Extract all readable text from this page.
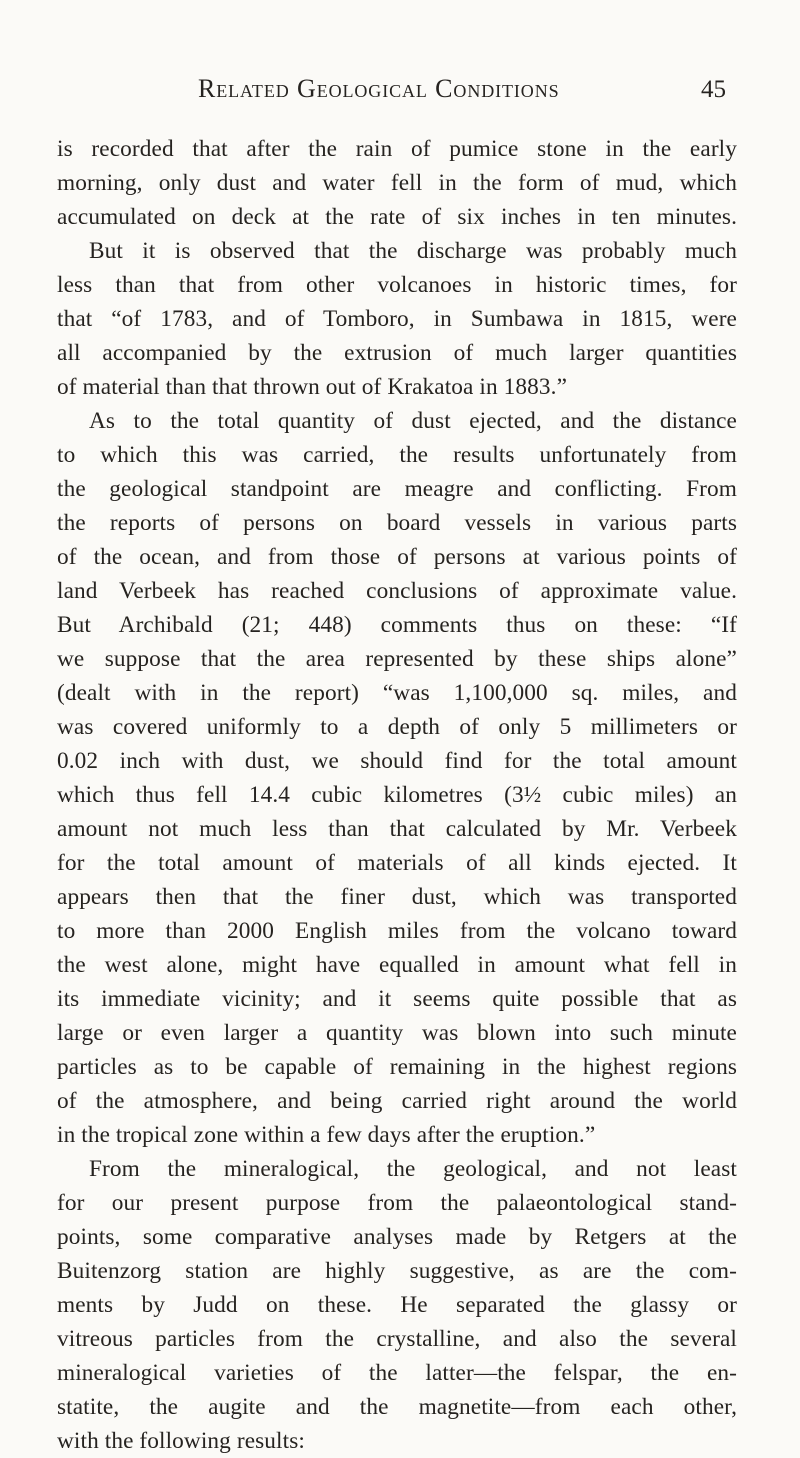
Related Geological Conditions	45
is recorded that after the rain of pumice stone in the early
morning, only dust and water fell in the form of mud, which
accumulated on deck at the rate of six inches in ten minutes.
But it is observed that the discharge was probably much
less than that from other volcanoes in historic times, for
that “of 1783, and of Tomboro, in Sumbawa in 1815, were
all accompanied by the extrusion of much larger quantities
of material than that thrown out of Krakatoa in 1883.”
As to the total quantity of dust ejected, and the distance
to which this was carried, the results unfortunately from
the geological standpoint are meagre and conflicting. From
the reports of persons on board vessels in various parts
of the ocean, and from those of persons at various points of
land Verbeek has reached conclusions of approximate value.
But Archibald (21; 448) comments thus on these: “If
we suppose that the area represented by these ships alone”
(dealt with in the report) “was 1,100,000 sq. miles, and
was covered uniformly to a depth of only 5 millimeters or
0.02 inch with dust, we should find for the total amount
which thus fell 14.4 cubic kilometres (3½ cubic miles) an
amount not much less than that calculated by Mr. Verbeek
for the total amount of materials of all kinds ejected. It
appears then that the finer dust, which was transported
to more than 2000 English miles from the volcano toward
the west alone, might have equalled in amount what fell in
its immediate vicinity; and it seems quite possible that as
large or even larger a quantity was blown into such minute
particles as to be capable of remaining in the highest regions
of the atmosphere, and being carried right around the world
in the tropical zone within a few days after the eruption.”
From the mineralogical, the geological, and not least
for our present purpose from the palaeontological stand-
points, some comparative analyses made by Retgers at the
Buitenzorg station are highly suggestive, as are the com-
ments by Judd on these. He separated the glassy or
vitreous particles from the crystalline, and also the several
mineralogical varieties of the latter—the felspar, the en-
statite, the augite and the magnetite—from each other,
with the following results:
